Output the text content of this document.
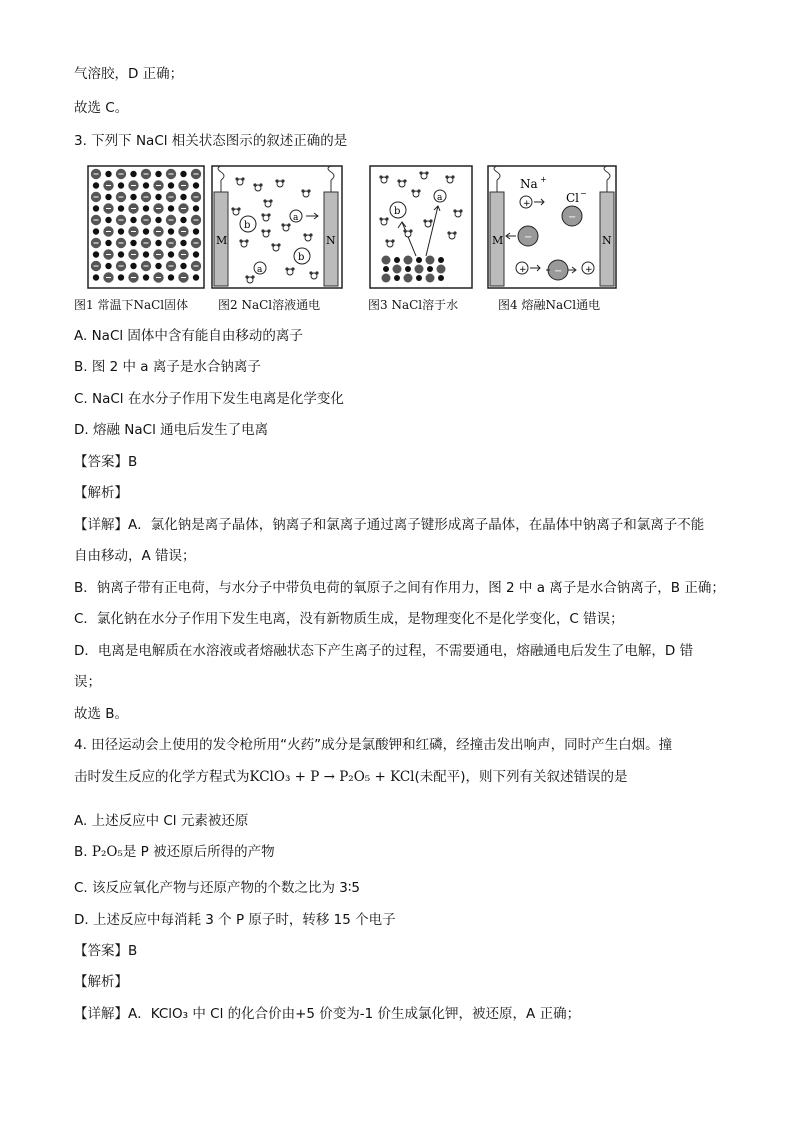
气溶胶，D 正确；
故选 C。
3. 下列下 NaCl 相关状态图示的叙述正确的是
图1 常温下NaCl固体
M	N
b
b
a
a
图2 NaCl溶液通电
b
a
图3 NaCl溶于水
M	N
Na +
Cl −
+
−
−
+	−	+
图4 熔融NaCl通电
A. NaCl 固体中含有能自由移动的离子
B. 图 2 中 a 离子是水合钠离子
C. NaCl 在水分子作用下发生电离是化学变化
D. 熔融 NaCl 通电后发生了电离
【答案】B
【解析】
【详解】A．氯化钠是离子晶体，钠离子和氯离子通过离子键形成离子晶体，在晶体中钠离子和氯离子不能
自由移动，A 错误；
B．钠离子带有正电荷，与水分子中带负电荷的氧原子之间有作用力，图 2 中 a 离子是水合钠离子，B 正确；
C．氯化钠在水分子作用下发生电离，没有新物质生成，是物理变化不是化学变化，C 错误；
D．电离是电解质在水溶液或者熔融状态下产生离子的过程，不需要通电，熔融通电后发生了电解，D 错
误；
故选 B。
4. 田径运动会上使用的发令枪所用“火药”成分是氯酸钾和红磷，经撞击发出响声，同时产生白烟。撞
击时发生反应的化学方程式为KClO₃ + P → P₂O₅ + KCl(未配平)，则下列有关叙述错误的是
A. 上述反应中 Cl 元素被还原
B. P₂O₅是 P 被还原后所得的产物
C. 该反应氧化产物与还原产物的个数之比为 3∶5
D. 上述反应中每消耗 3 个 P 原子时，转移 15 个电子
【答案】B
【解析】
【详解】A．KClO₃ 中 Cl 的化合价由+5 价变为-1 价生成氯化钾，被还原，A 正确；
